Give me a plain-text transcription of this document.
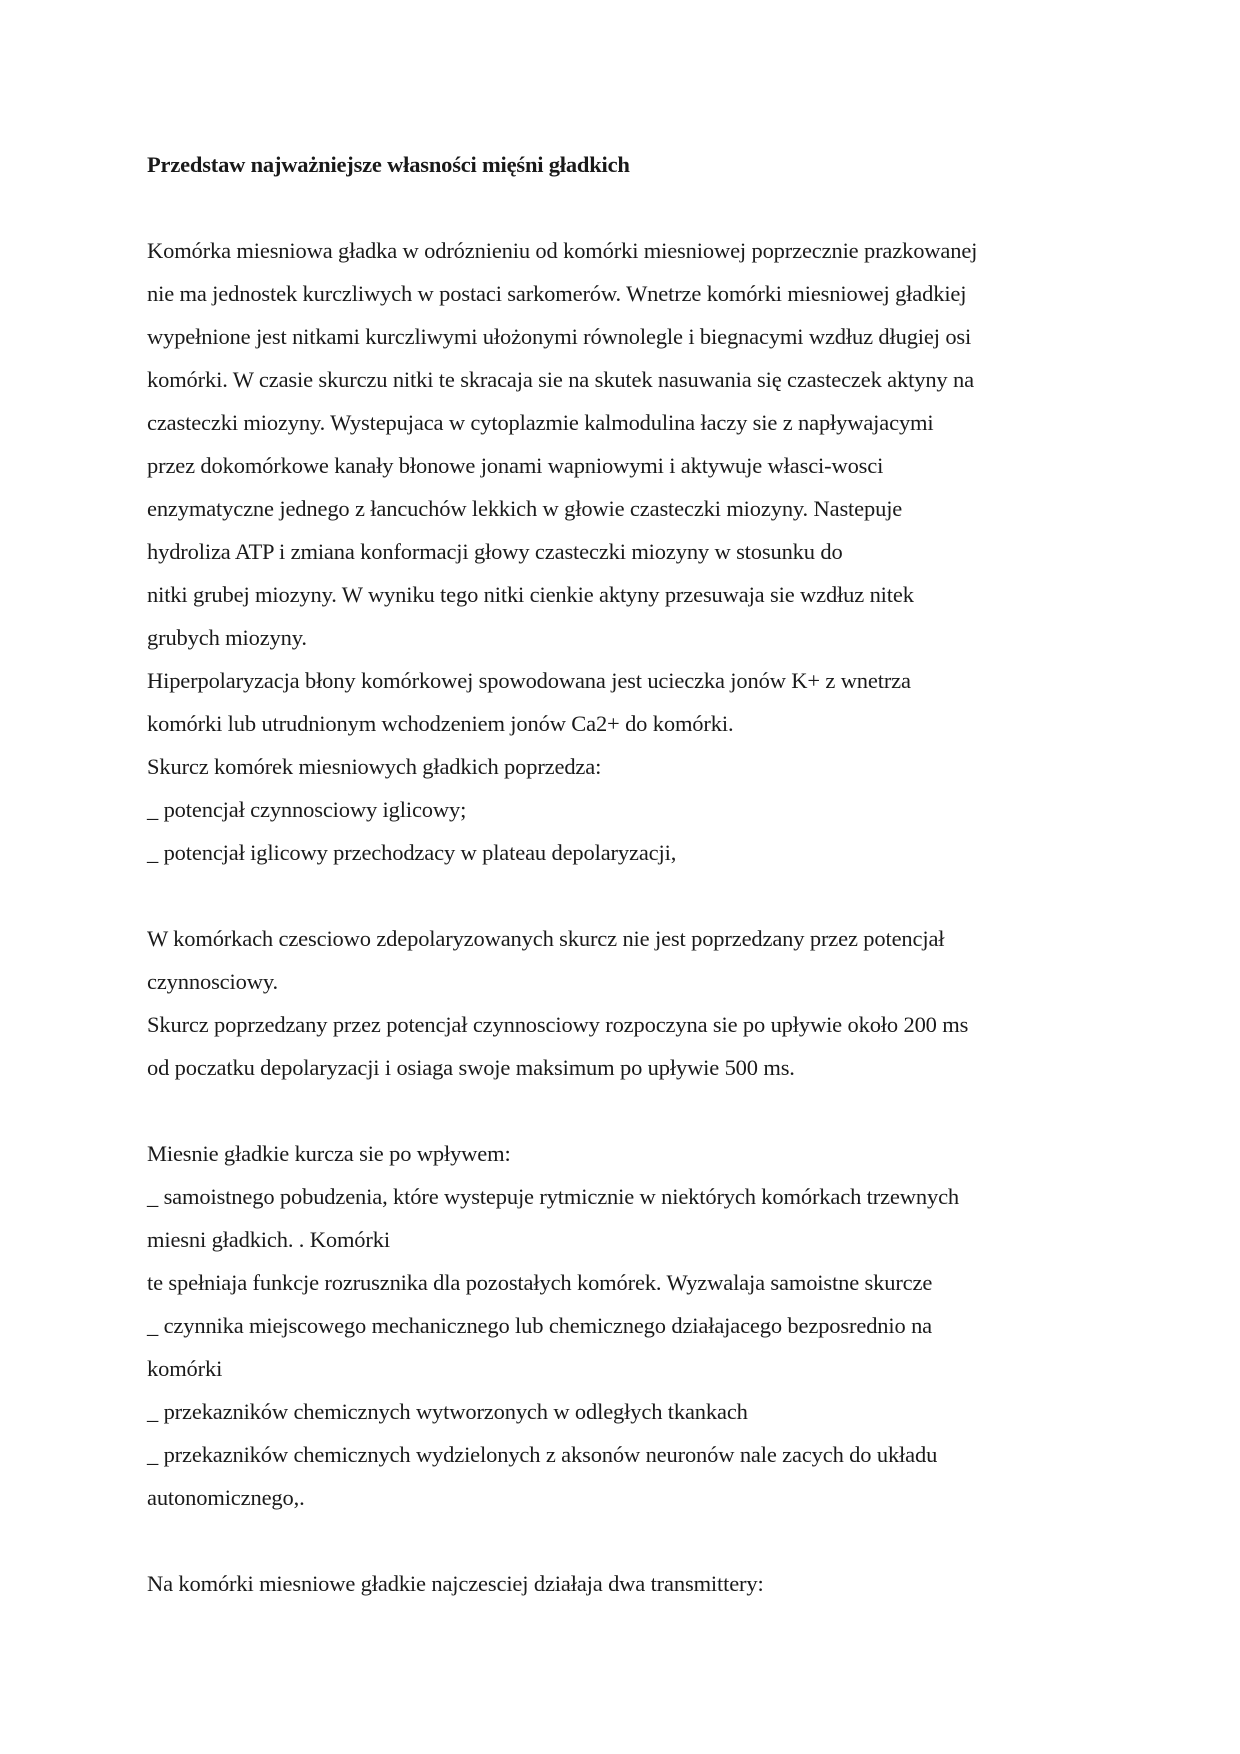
Przedstaw najważniejsze własności mięśni gładkich
Komórka miesniowa gładka w odróznieniu od komórki miesniowej poprzecznie prazkowanej
nie ma jednostek kurczliwych w postaci sarkomerów. Wnetrze komórki miesniowej gładkiej
wypełnione jest nitkami kurczliwymi ułożonymi równolegle i biegnacymi wzdłuz długiej osi
komórki. W czasie skurczu nitki te skracaja sie na skutek nasuwania się czasteczek aktyny na
czasteczki miozyny. Wystepujaca w cytoplazmie kalmodulina łaczy sie z napływajacymi
przez dokomórkowe kanały błonowe jonami wapniowymi i aktywuje własci-wosci
enzymatyczne jednego z łancuchów lekkich w głowie czasteczki miozyny. Nastepuje
hydroliza ATP i zmiana konformacji głowy czasteczki miozyny w stosunku do
nitki grubej miozyny. W wyniku tego nitki cienkie aktyny przesuwaja sie wzdłuz nitek
grubych miozyny.
Hiperpolaryzacja błony komórkowej spowodowana jest ucieczka jonów K+ z wnetrza
komórki lub utrudnionym wchodzeniem jonów Ca2+ do komórki.
Skurcz komórek miesniowych gładkich poprzedza:
_ potencjał czynnosciowy iglicowy;
_ potencjał iglicowy przechodzacy w plateau depolaryzacji,
W komórkach czesciowo zdepolaryzowanych skurcz nie jest poprzedzany przez potencjał
czynnosciowy.
Skurcz poprzedzany przez potencjał czynnosciowy rozpoczyna sie po upływie około 200 ms
od poczatku depolaryzacji i osiaga swoje maksimum po upływie 500 ms.
Miesnie gładkie kurcza sie po wpływem:
_ samoistnego pobudzenia, które wystepuje rytmicznie w niektórych komórkach trzewnych
miesni gładkich. . Komórki
te spełniaja funkcje rozrusznika dla pozostałych komórek. Wyzwalaja samoistne skurcze
_ czynnika miejscowego mechanicznego lub chemicznego działajacego bezposrednio na
komórki
_ przekazników chemicznych wytworzonych w odległych tkankach
_ przekazników chemicznych wydzielonych z aksonów neuronów nale zacych do układu
autonomicznego,.
Na komórki miesniowe gładkie najczesciej działaja dwa transmittery:
